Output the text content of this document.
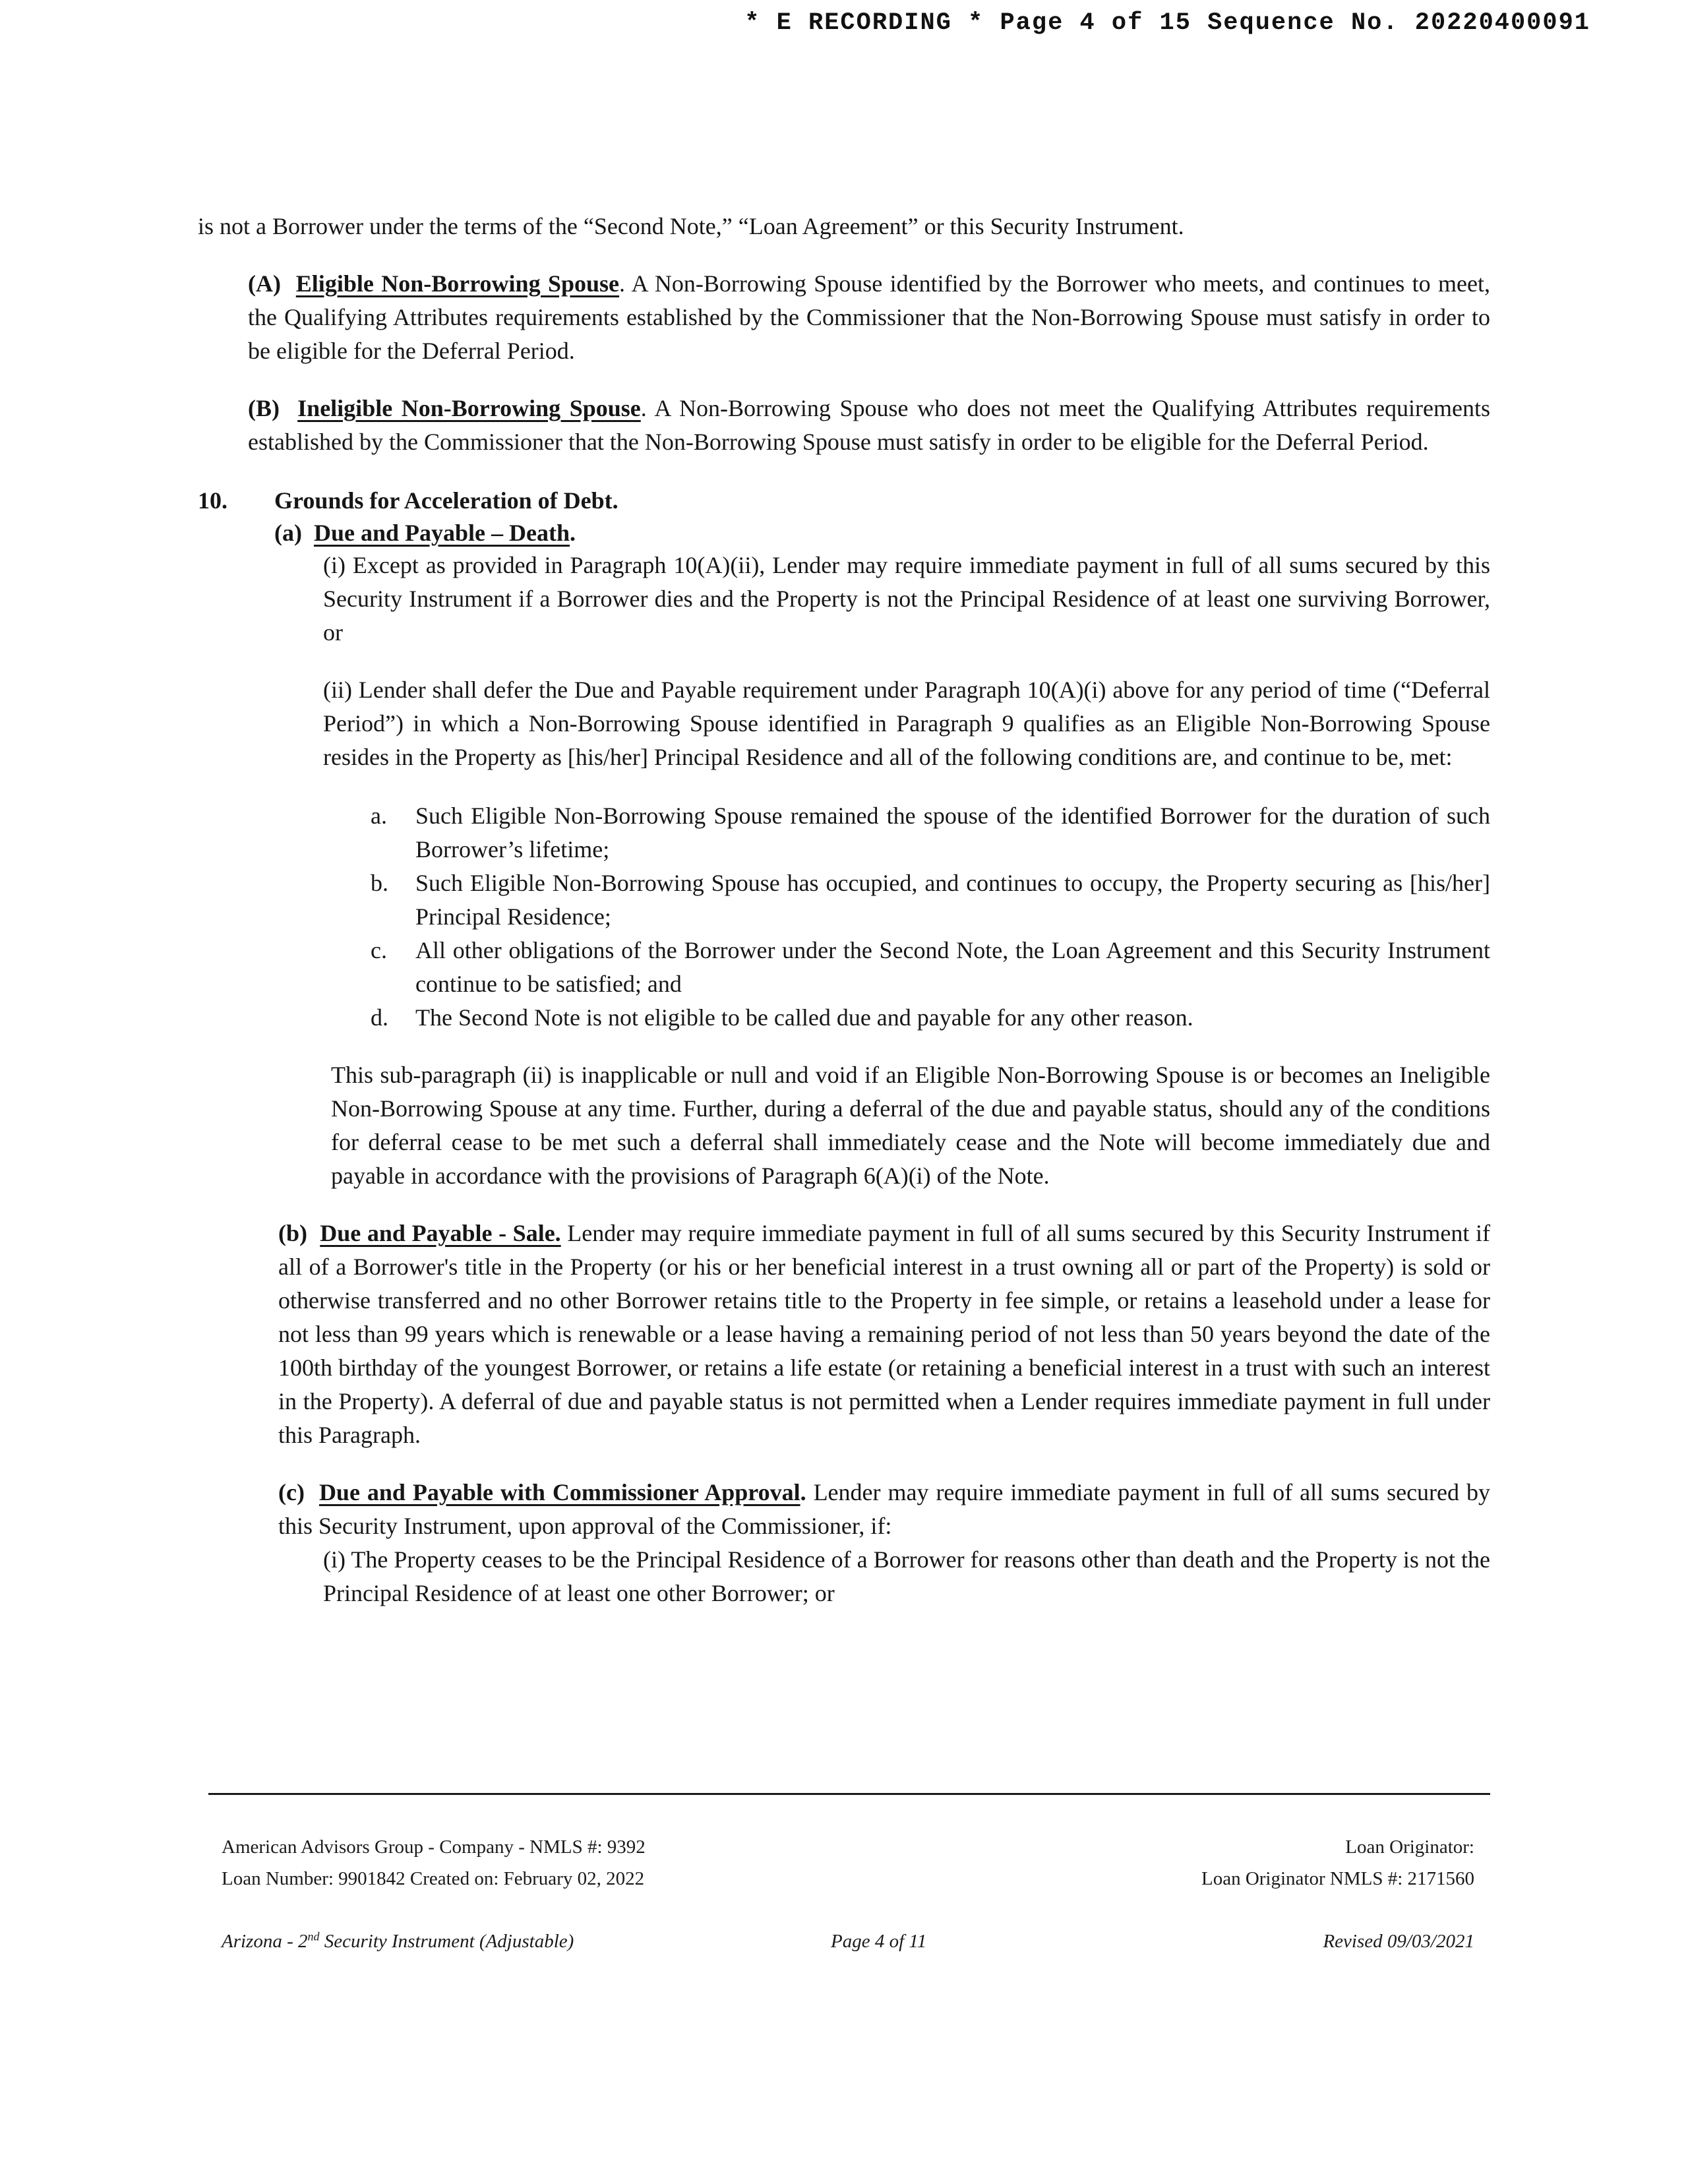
* E RECORDING * Page 4 of 15 Sequence No. 20220400091

is not a Borrower under the terms of the “Second Note,” “Loan Agreement” or this Security Instrument.

(A) Eligible Non-Borrowing Spouse. A Non-Borrowing Spouse identified by the Borrower who meets, and continues to meet, the Qualifying Attributes requirements established by the Commissioner that the Non-Borrowing Spouse must satisfy in order to be eligible for the Deferral Period.

(B) Ineligible Non-Borrowing Spouse. A Non-Borrowing Spouse who does not meet the Qualifying Attributes requirements established by the Commissioner that the Non-Borrowing Spouse must satisfy in order to be eligible for the Deferral Period.

10. Grounds for Acceleration of Debt.

(a) Due and Payable – Death.

(i) Except as provided in Paragraph 10(A)(ii), Lender may require immediate payment in full of all sums secured by this Security Instrument if a Borrower dies and the Property is not the Principal Residence of at least one surviving Borrower, or

(ii) Lender shall defer the Due and Payable requirement under Paragraph 10(A)(i) above for any period of time (“Deferral Period”) in which a Non-Borrowing Spouse identified in Paragraph 9 qualifies as an Eligible Non-Borrowing Spouse resides in the Property as [his/her] Principal Residence and all of the following conditions are, and continue to be, met:

a. Such Eligible Non-Borrowing Spouse remained the spouse of the identified Borrower for the duration of such Borrower’s lifetime;
b. Such Eligible Non-Borrowing Spouse has occupied, and continues to occupy, the Property securing as [his/her] Principal Residence;
c. All other obligations of the Borrower under the Second Note, the Loan Agreement and this Security Instrument continue to be satisfied; and
d. The Second Note is not eligible to be called due and payable for any other reason.

This sub-paragraph (ii) is inapplicable or null and void if an Eligible Non-Borrowing Spouse is or becomes an Ineligible Non-Borrowing Spouse at any time. Further, during a deferral of the due and payable status, should any of the conditions for deferral cease to be met such a deferral shall immediately cease and the Note will become immediately due and payable in accordance with the provisions of Paragraph 6(A)(i) of the Note.

(b) Due and Payable - Sale. Lender may require immediate payment in full of all sums secured by this Security Instrument if all of a Borrower's title in the Property (or his or her beneficial interest in a trust owning all or part of the Property) is sold or otherwise transferred and no other Borrower retains title to the Property in fee simple, or retains a leasehold under a lease for not less than 99 years which is renewable or a lease having a remaining period of not less than 50 years beyond the date of the 100th birthday of the youngest Borrower, or retains a life estate (or retaining a beneficial interest in a trust with such an interest in the Property). A deferral of due and payable status is not permitted when a Lender requires immediate payment in full under this Paragraph.

(c) Due and Payable with Commissioner Approval. Lender may require immediate payment in full of all sums secured by this Security Instrument, upon approval of the Commissioner, if:

(i) The Property ceases to be the Principal Residence of a Borrower for reasons other than death and the Property is not the Principal Residence of at least one other Borrower; or

American Advisors Group - Company - NMLS #: 9392	Loan Originator:
Loan Number: 9901842 Created on: February 02, 2022	Loan Originator NMLS #: 2171560
Arizona - 2nd Security Instrument (Adjustable)	Page 4 of 11	Revised 09/03/2021
